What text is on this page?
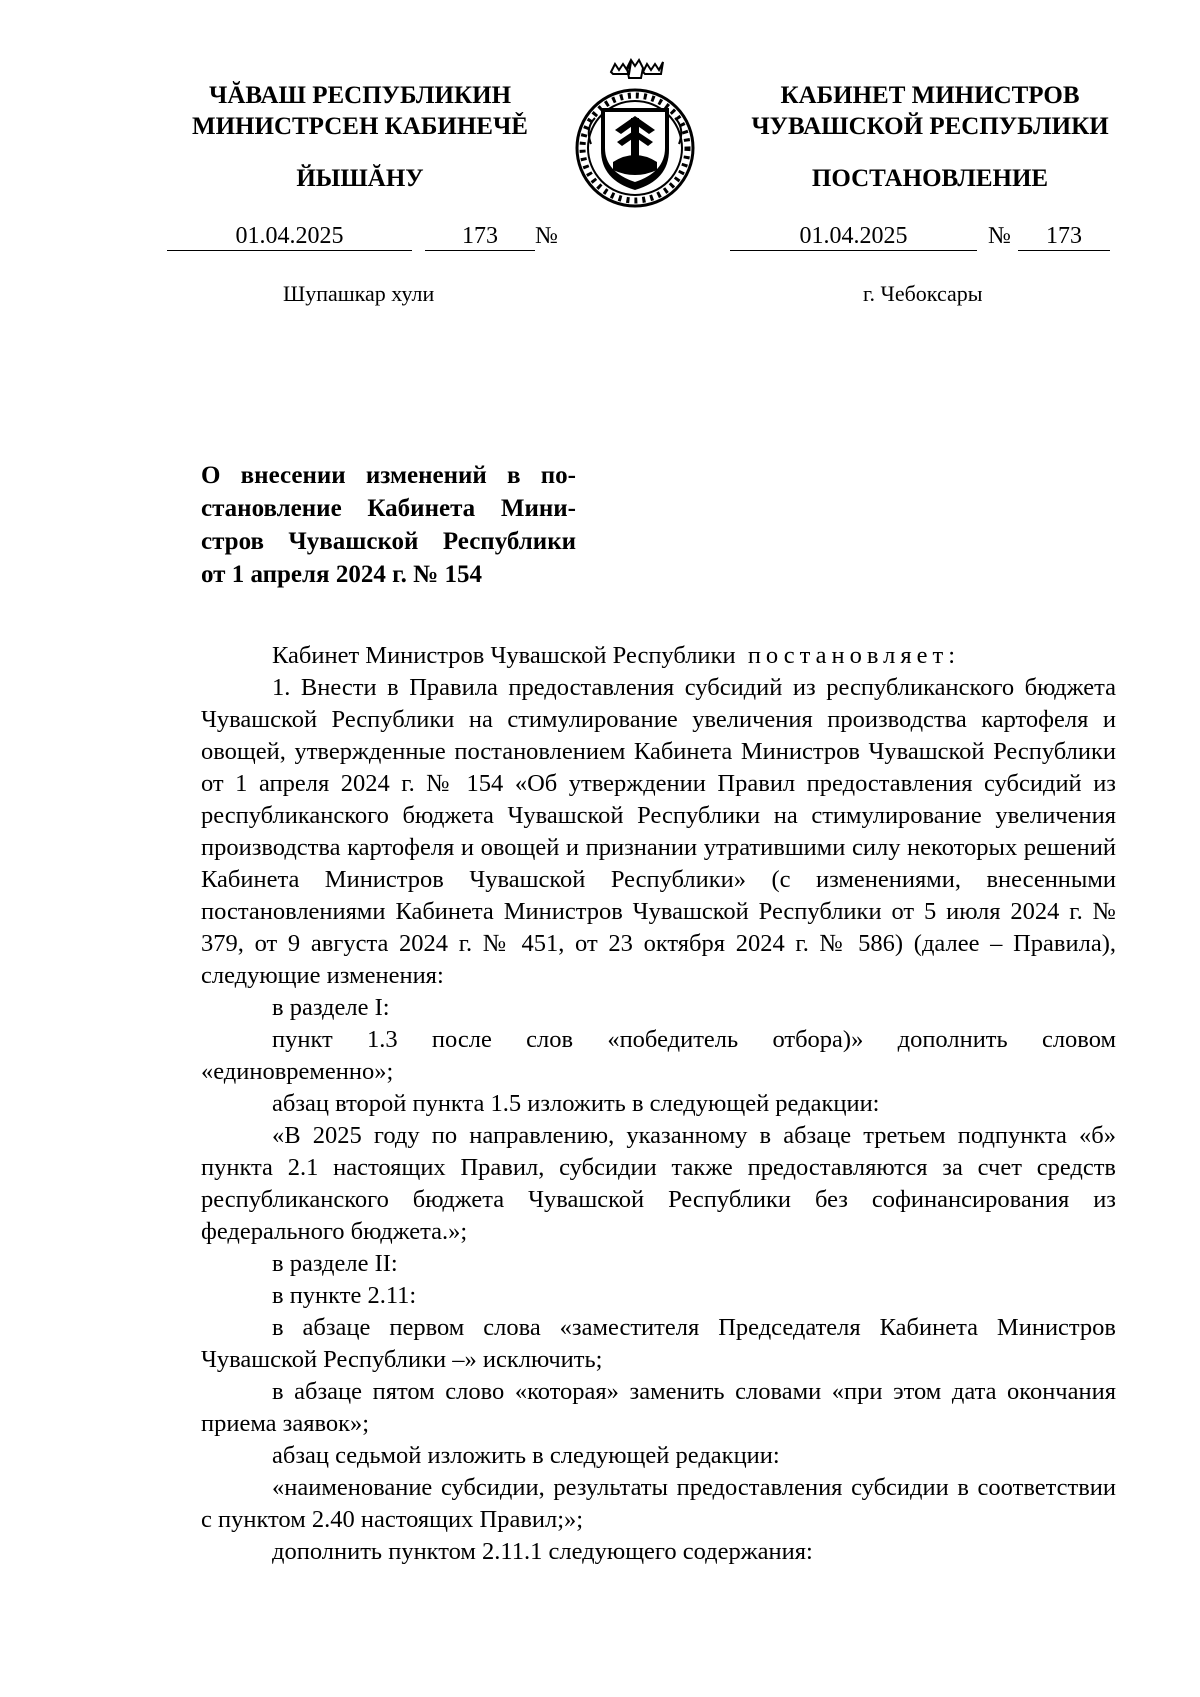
ЧĂВАШ РЕСПУБЛИКИН
МИНИСТРСЕН КАБИНЕЧĚ
ЙЫШĂНУ
КАБИНЕТ МИНИСТРОВ
ЧУВАШСКОЙ РЕСПУБЛИКИ
ПОСТАНОВЛЕНИЕ
01.04.2025	173	№	01.04.2025	№	173
Шупашкар хули	г. Чебоксары
О внесении изменений в по-
становление Кабинета Мини-
стров Чувашской Республики
от 1 апреля 2024 г. № 154

Кабинет Министров Чувашской Республики постановляет:

1. Внести в Правила предоставления субсидий из республиканского бюджета Чувашской Республики на стимулирование увеличения производства картофеля и овощей, утвержденные постановлением Кабинета Министров Чувашской Республики от 1 апреля 2024 г. № 154 «Об утверждении Правил предоставления субсидий из республиканского бюджета Чувашской Республики на стимулирование увеличения производства картофеля и овощей и признании утратившими силу некоторых решений Кабинета Министров Чувашской Республики» (с изменениями, внесенными постановлениями Кабинета Министров Чувашской Республики от 5 июля 2024 г. № 379, от 9 августа 2024 г. № 451, от 23 октября 2024 г. № 586) (далее – Правила), следующие изменения:

в разделе I:

пункт 1.3 после слов «победитель отбора)» дополнить словом «единовременно»;

абзац второй пункта 1.5 изложить в следующей редакции:

«В 2025 году по направлению, указанному в абзаце третьем подпункта «б» пункта 2.1 настоящих Правил, субсидии также предоставляются за счет средств республиканского бюджета Чувашской Республики без софинансирования из федерального бюджета.»;

в разделе II:

в пункте 2.11:

в абзаце первом слова «заместителя Председателя Кабинета Министров Чувашской Республики –» исключить;

в абзаце пятом слово «которая» заменить словами «при этом дата окончания приема заявок»;

абзац седьмой изложить в следующей редакции:

«наименование субсидии, результаты предоставления субсидии в соответствии с пунктом 2.40 настоящих Правил;»;

дополнить пунктом 2.11.1 следующего содержания:
